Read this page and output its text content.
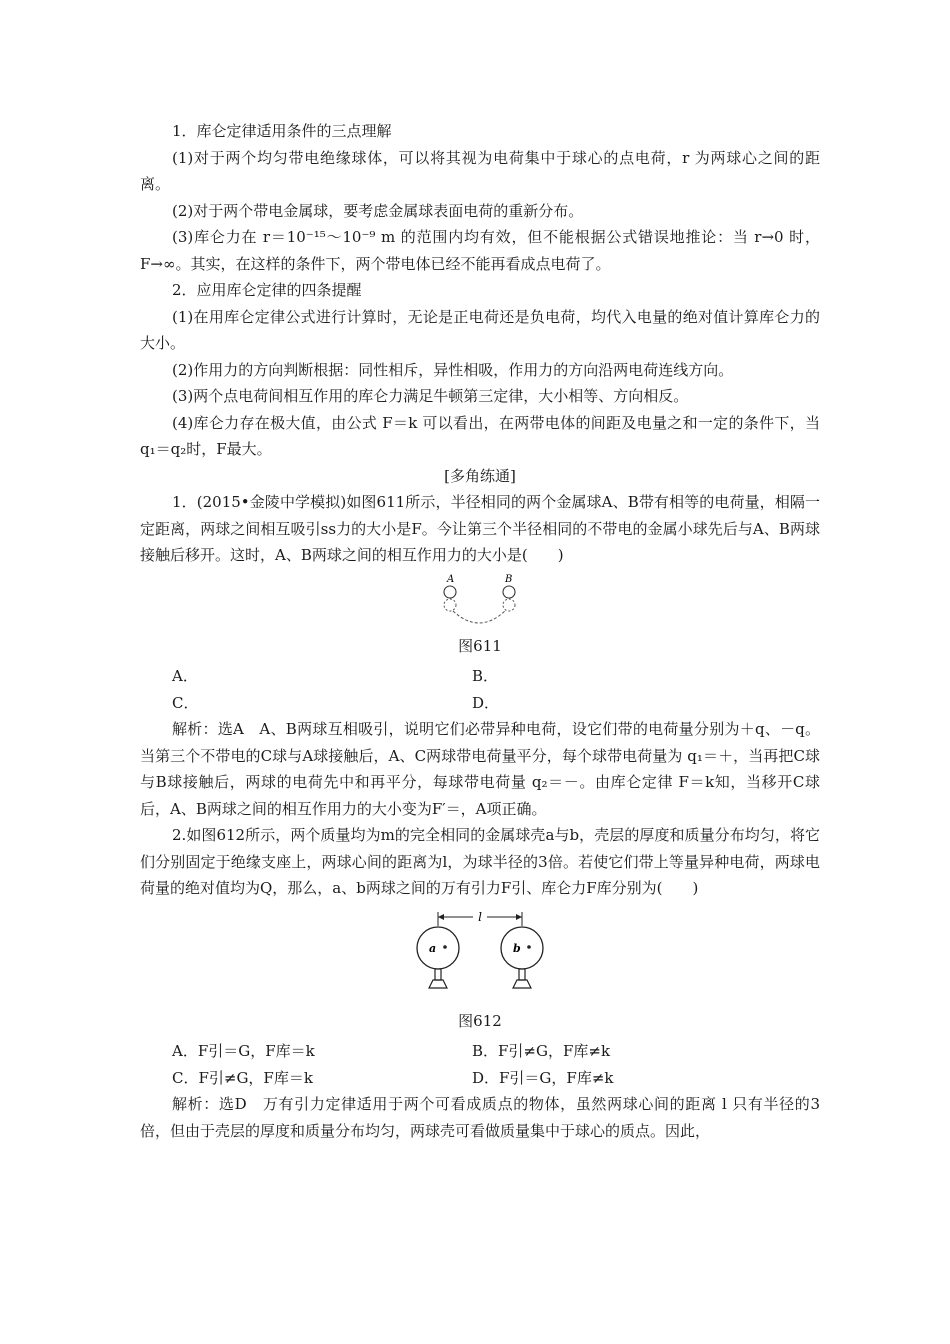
1．库仑定律适用条件的三点理解

(1)对于两个均匀带电绝缘球体，可以将其视为电荷集中于球心的点电荷，r 为两球心之间的距离。

(2)对于两个带电金属球，要考虑金属球表面电荷的重新分布。

(3)库仑力在 r＝10⁻¹⁵～10⁻⁹ m 的范围内均有效，但不能根据公式错误地推论：当 r→0 时，F→∞。其实，在这样的条件下，两个带电体已经不能再看成点电荷了。

2．应用库仑定律的四条提醒

(1)在用库仑定律公式进行计算时，无论是正电荷还是负电荷，均代入电量的绝对值计算库仑力的大小。

(2)作用力的方向判断根据：同性相斥，异性相吸，作用力的方向沿两电荷连线方向。

(3)两个点电荷间相互作用的库仑力满足牛顿第三定律，大小相等、方向相反。

(4)库仑力存在极大值，由公式 F＝k 可以看出，在两带电体的间距及电量之和一定的条件下，当 q₁＝q₂时，F最大。

[多角练通]

1．(2015•金陵中学模拟)如图611所示，半径相同的两个金属球A、B带有相等的电荷量，相隔一定距离，两球之间相互吸引ss力的大小是F。今让第三个半径相同的不带电的金属小球先后与A、B两球接触后移开。这时，A、B两球之间的相互作用力的大小是(　　)

A	B

图611

A．	B．
C．	D．

解析：选A　A、B两球互相吸引，说明它们必带异种电荷，设它们带的电荷量分别为＋q、－q。当第三个不带电的C球与A球接触后，A、C两球带电荷量平分，每个球带电荷量为 q₁＝＋，当再把C球与B球接触后，两球的电荷先中和再平分，每球带电荷量 q₂＝－。由库仑定律 F＝k知，当移开C球后，A、B两球之间的相互作用力的大小变为F′＝，A项正确。

2.如图612所示，两个质量均为m的完全相同的金属球壳a与b，壳层的厚度和质量分布均匀，将它们分别固定于绝缘支座上，两球心间的距离为l，为球半径的3倍。若使它们带上等量异种电荷，两球电荷量的绝对值均为Q，那么，a、b两球之间的万有引力F引、库仑力F库分别为(　　)

l
a	b

图612

A．F引＝G，F库＝k	B．F引≠G，F库≠k
C．F引≠G，F库＝k	D．F引＝G，F库≠k

解析：选D　万有引力定律适用于两个可看成质点的物体，虽然两球心间的距离 l 只有半径的3倍，但由于壳层的厚度和质量分布均匀，两球壳可看做质量集中于球心的质点。因此，
